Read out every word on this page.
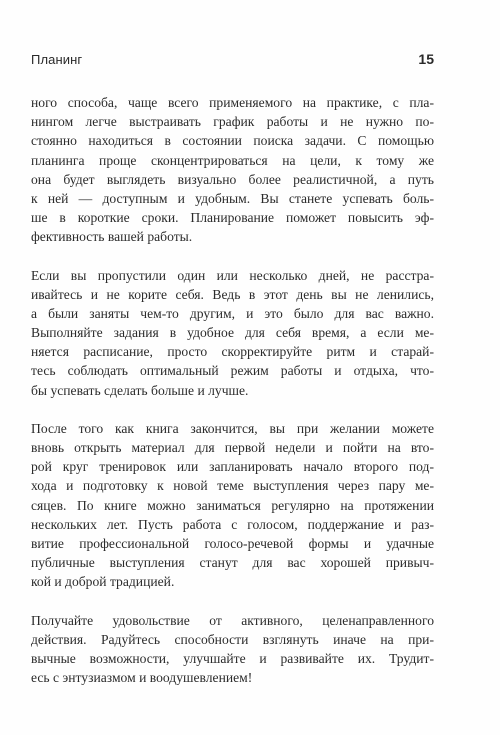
Планинг	15
ного способа, чаще всего применяемого на практике, с пла-
нингом легче выстраивать график работы и не нужно по-
стоянно находиться в состоянии поиска задачи. С помощью
планинга проще сконцентрироваться на цели, к тому же
она будет выглядеть визуально более реалистичной, а путь
к ней — доступным и удобным. Вы станете успевать боль-
ше в короткие сроки. Планирование поможет повысить эф-
фективность вашей работы.
Если вы пропустили один или несколько дней, не расстра-
ивайтесь и не корите себя. Ведь в этот день вы не ленились,
а были заняты чем-то другим, и это было для вас важно.
Выполняйте задания в удобное для себя время, а если ме-
няется расписание, просто скорректируйте ритм и старай-
тесь соблюдать оптимальный режим работы и отдыха, что-
бы успевать сделать больше и лучше.
После того как книга закончится, вы при желании можете
вновь открыть материал для первой недели и пойти на вто-
рой круг тренировок или запланировать начало второго под-
хода и подготовку к новой теме выступления через пару ме-
сяцев. По книге можно заниматься регулярно на протяжении
нескольких лет. Пусть работа с голосом, поддержание и раз-
витие профессиональной голосо-речевой формы и удачные
публичные выступления станут для вас хорошей привыч-
кой и доброй традицией.
Получайте удовольствие от активного, целенаправленного
действия. Радуйтесь способности взглянуть иначе на при-
вычные возможности, улучшайте и развивайте их. Трудит-
есь с энтузиазмом и воодушевлением!
